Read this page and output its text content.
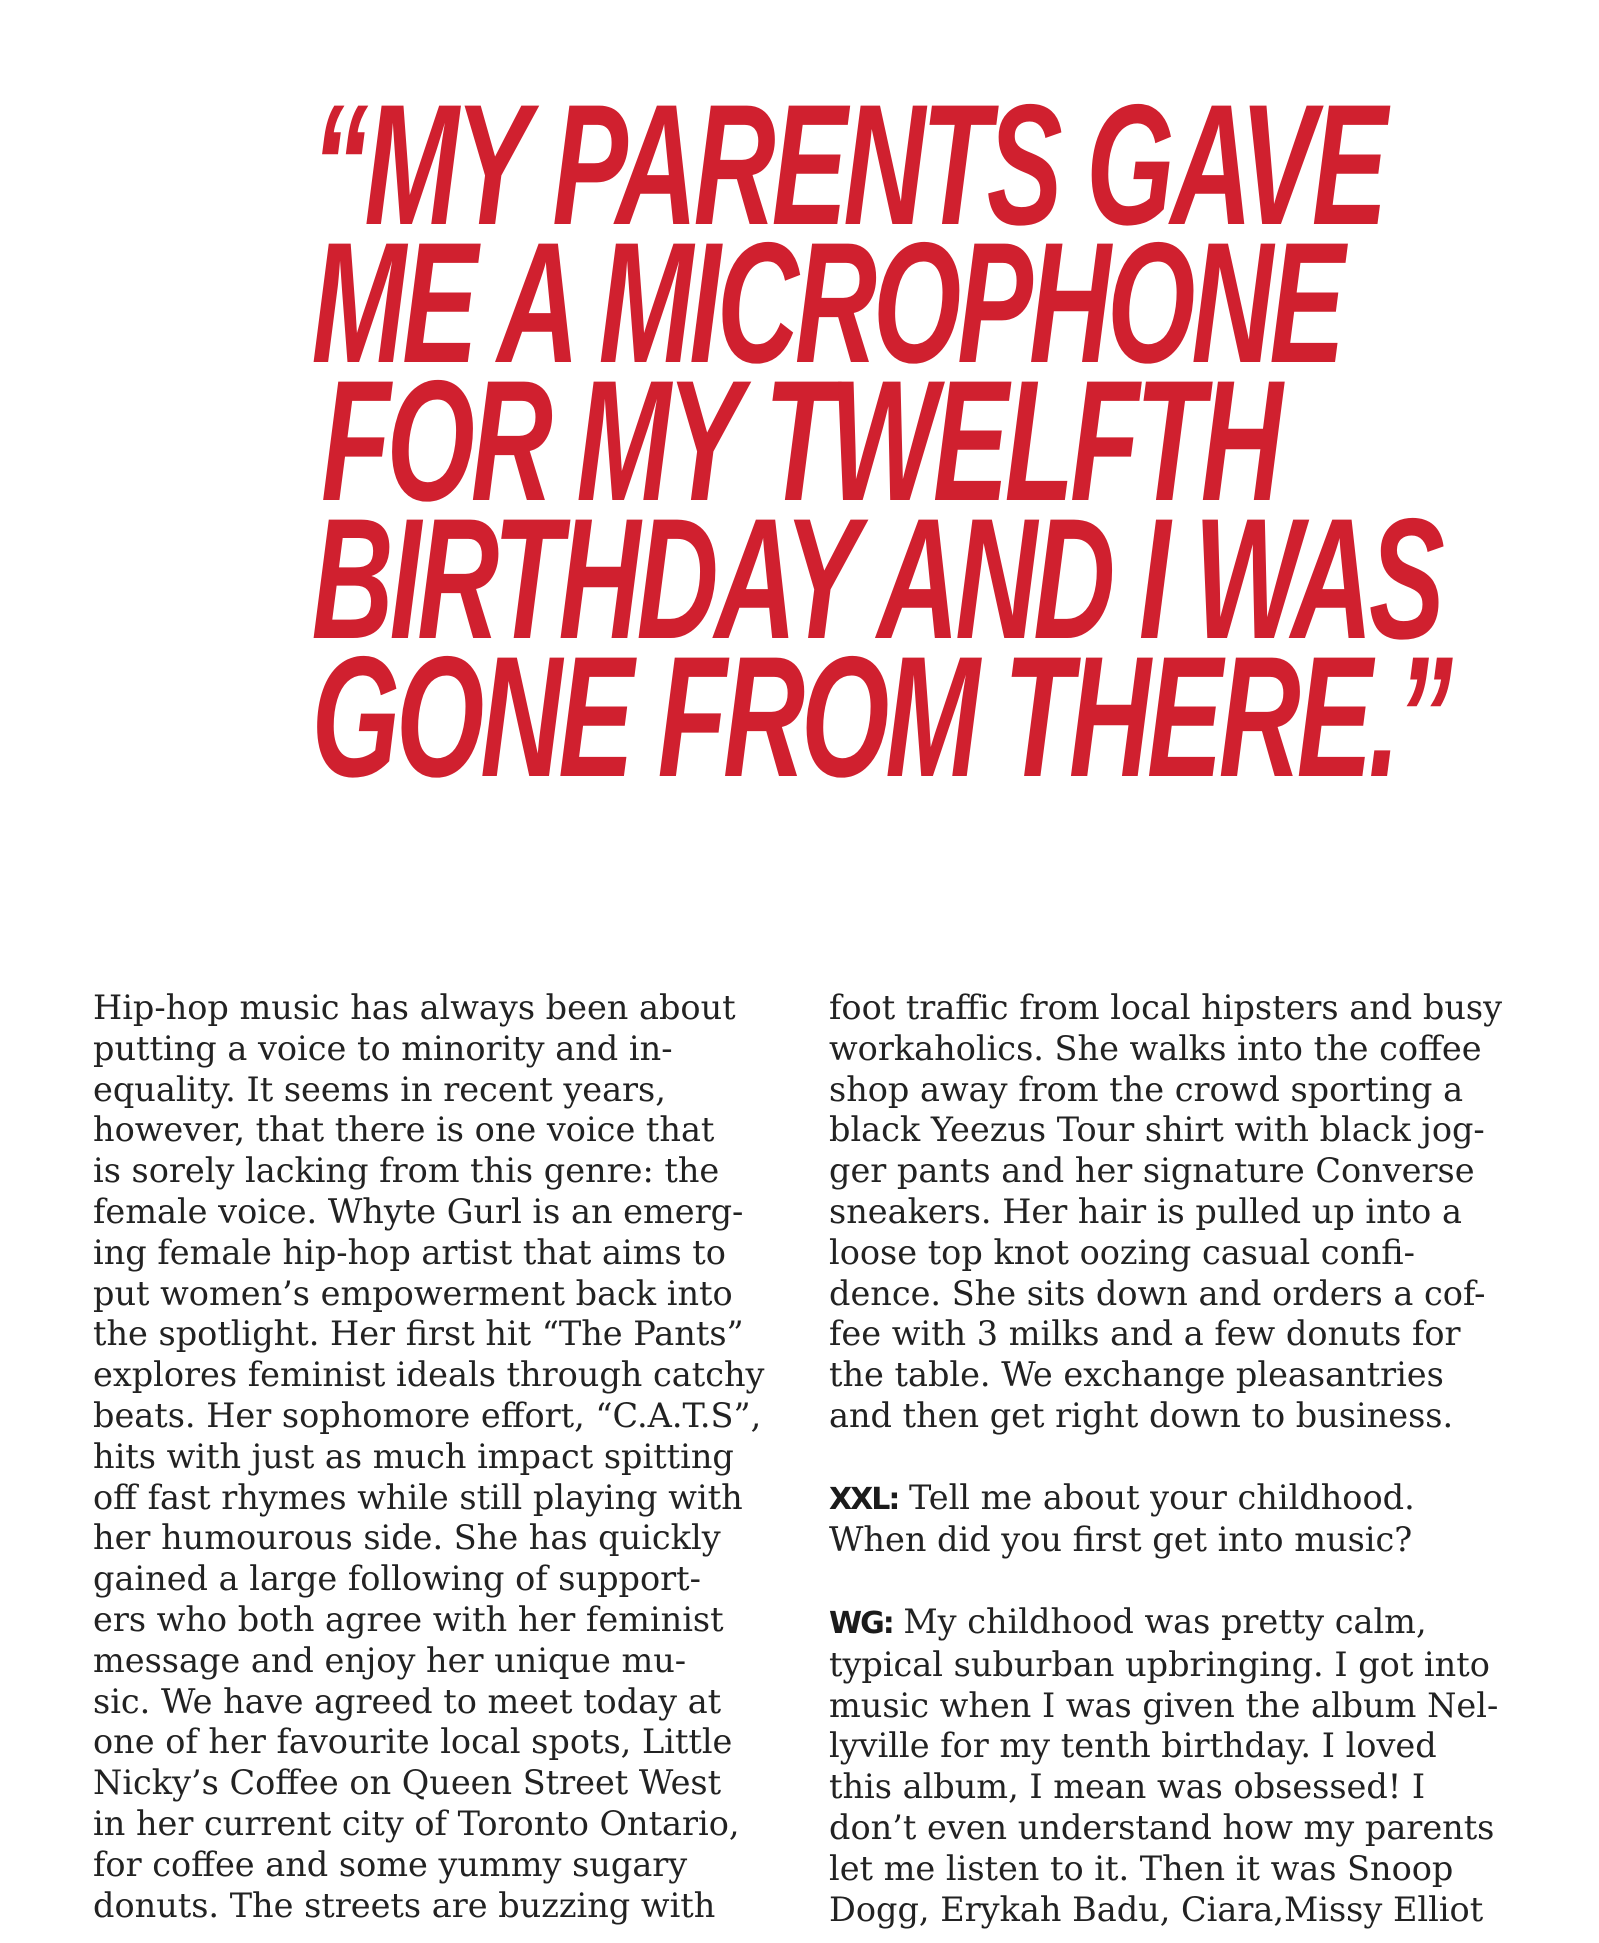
“MY PARENTS GAVE
ME A MICROPHONE
FOR MY TWELFTH
BIRTHDAY AND I WAS
GONE FROM THERE.”
Hip-hop music has always been about
putting a voice to minority and in-
equality. It seems in recent years,
however, that there is one voice that
is sorely lacking from this genre: the
female voice. Whyte Gurl is an emerg-
ing female hip-hop artist that aims to
put women’s empowerment back into
the spotlight. Her first hit “The Pants”
explores feminist ideals through catchy
beats. Her sophomore effort, “C.A.T.S”,
hits with just as much impact spitting
off fast rhymes while still playing with
her humourous side. She has quickly
gained a large following of support-
ers who both agree with her feminist
message and enjoy her unique mu-
sic. We have agreed to meet today at
one of her favourite local spots, Little
Nicky’s Coffee on Queen Street West
in her current city of Toronto Ontario,
for coffee and some yummy sugary
donuts. The streets are buzzing with
foot traffic from local hipsters and busy
workaholics. She walks into the coffee
shop away from the crowd sporting a
black Yeezus Tour shirt with black jog-
ger pants and her signature Converse
sneakers. Her hair is pulled up into a
loose top knot oozing casual confi-
dence. She sits down and orders a cof-
fee with 3 milks and a few donuts for
the table. We exchange pleasantries
and then get right down to business.
XXL: Tell me about your childhood.
When did you first get into music?
WG: My childhood was pretty calm,
typical suburban upbringing. I got into
music when I was given the album Nel-
lyville for my tenth birthday. I loved
this album, I mean was obsessed! I
don’t even understand how my parents
let me listen to it. Then it was Snoop
Dogg, Erykah Badu, Ciara,Missy Elliot
